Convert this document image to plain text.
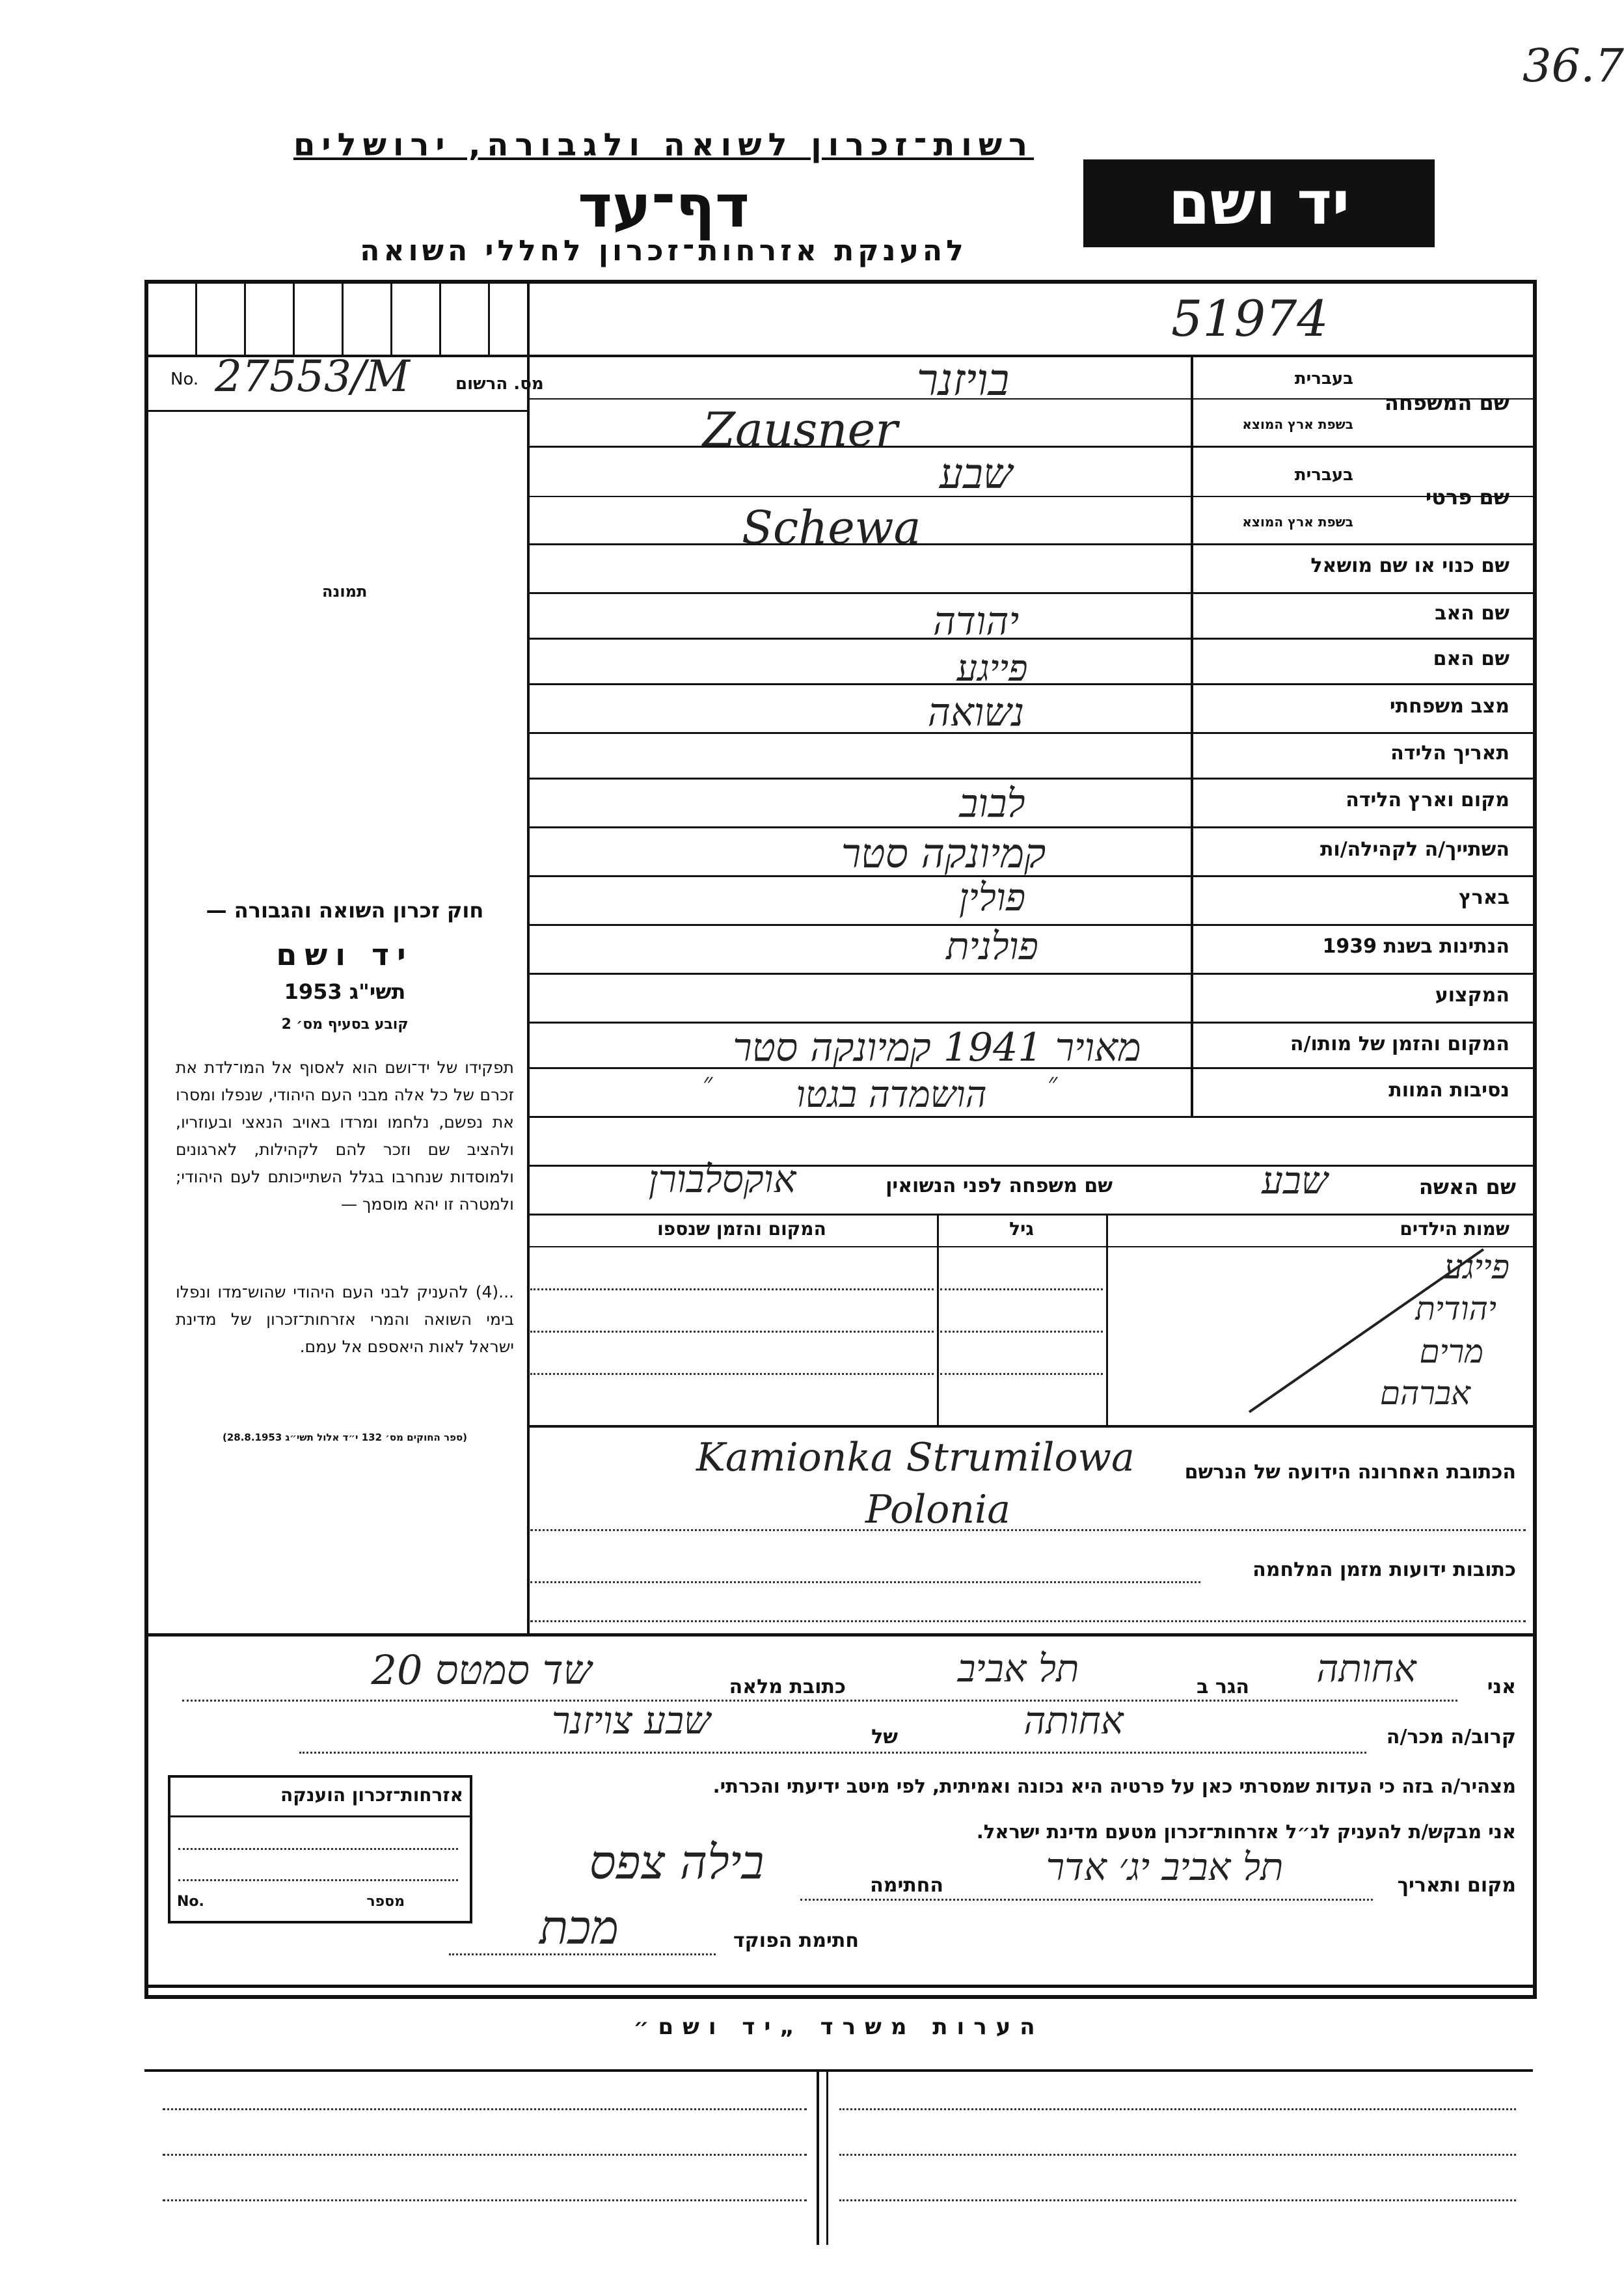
36.7
רשות־זכרון לשואה ולגבורה, ירושלים
דף־עד
להענקת אזרחות־זכרון לחללי השואה
יד ושם
51974
No. 27553/M	מס. הרשום
תמונה
חוק זכרון השואה והגבורה —
יד ושם
תשי"ג 1953
קובע בסעיף מס׳ 2
תפקידו של יד־ושם הוא לאסוף אל המו־לדת את זכרם של כל אלה מבני העם היהודי, שנפלו ומסרו את נפשם, נלחמו ומרדו באויב הנאצי ובעוזריו, ולהציב שם וזכר להם לקהילות, לארגונים ולמוסדות שנחרבו בגלל השתייכותם לעם היהודי; ולמטרה זו יהא מוסמך —
...(4) להעניק לבני העם היהודי שהוש־מדו ונפלו בימי השואה והמרי אזרחות־זכרון של מדינת ישראל לאות היאספם אל עמם.
(ספר החוקים מס׳ 132 י״ד אלול תשי״ג 28.8.1953)
שם המשפחה
בעברית
בשפת ארץ המוצא
שם פרטי
בעברית
בשפת ארץ המוצא
שם כנוי או שם מושאל
שם האב
שם האם
מצב משפחתי
תאריך הלידה
מקום וארץ הלידה
השתייך/ה לקהילה/ות
בארץ
הנתינות בשנת 1939
המקצוע
המקום והזמן של מותו/ה
נסיבות המוות
בויזנר
Zausner
שבע
Schewa
יהודה
פייגע
נשואה
לבוב
קמיונקה סטר
פולין
פולנית
מאויר 1941 קמיונקה סטר
״	״
הושמדה בגטו
שם האשה
שבע
שם משפחה לפני הנשואין
אוקסלבורן
שמות הילדים
גיל
המקום והזמן שנספו
פייגע
יהודית
מרים
אברהם
הכתובת האחרונה הידועה של הנרשם
Kamionka Strumilowa
Polonia
כתובות ידועות מזמן המלחמה
אני
אחותה
הגר ב
תל אביב
כתובת מלאה
שד סמטס 20
קרוב/ה מכר/ה
אחותה
של
שבע צויזנר
מצהיר/ה בזה כי העדות שמסרתי כאן על פרטיה היא נכונה ואמיתית, לפי מיטב ידיעתי והכרתי.
אני מבקש/ת להעניק לנ״ל אזרחות־זכרון מטעם מדינת ישראל.
מקום ותאריך
תל אביב יג׳ אדר
החתימה
בילה צפס
חתימת הפוקד
מכת
אזרחות־זכרון הוענקה
מספר
No.
הערות משרד „יד ושם״
